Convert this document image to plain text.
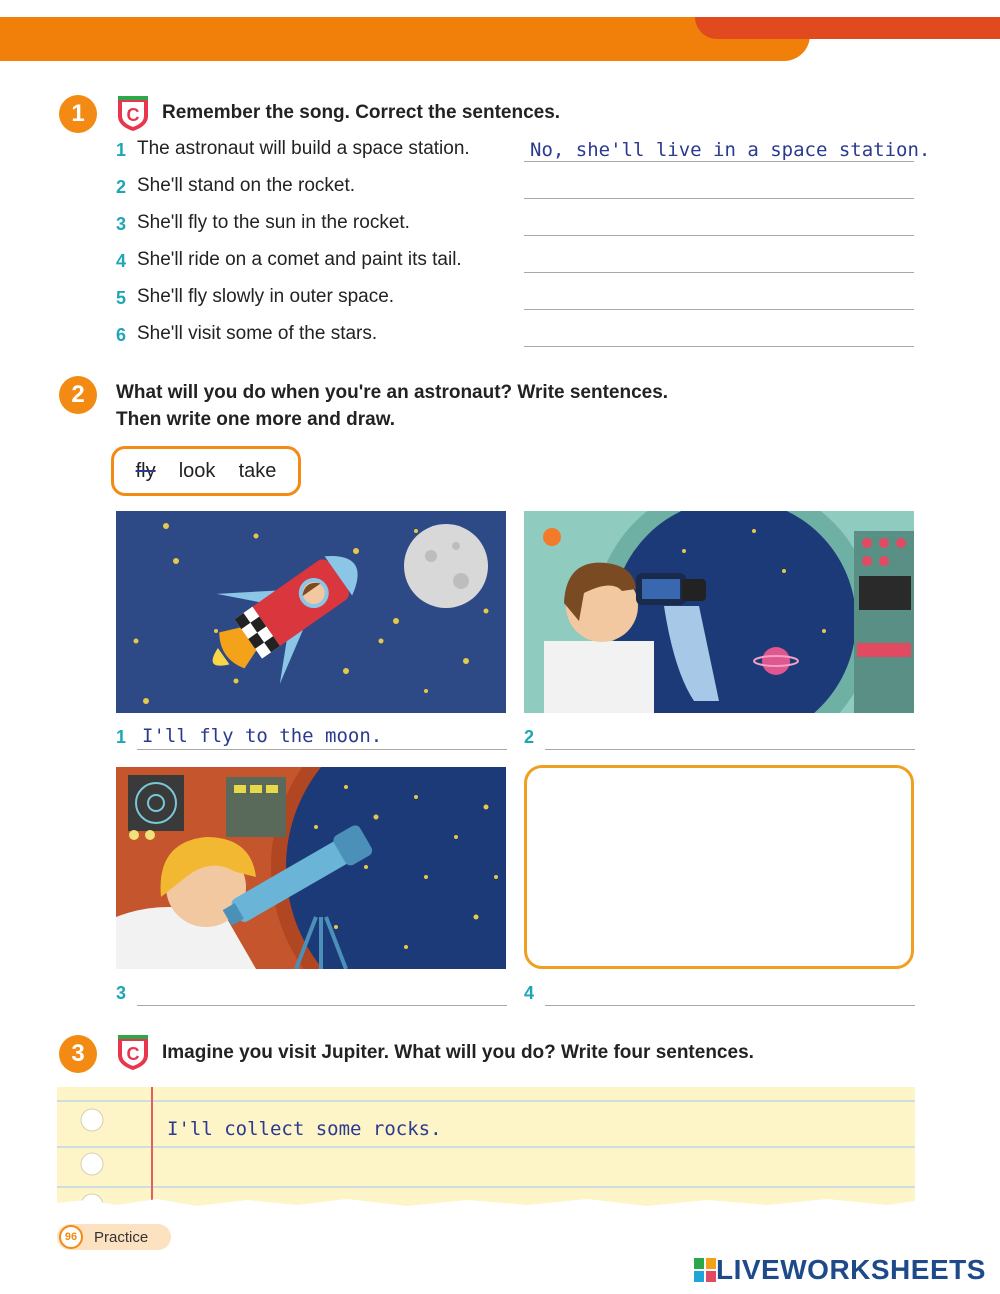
1	C Remember the song. Correct the sentences.
1 The astronaut will build a space station.	No, she'll live in a space station.
2 She'll stand on the rocket.
3 She'll fly to the sun in the rocket.
4 She'll ride on a comet and paint its tail.
5 She'll fly slowly in outer space.
6 She'll visit some of the stars.
2	What will you do when you're an astronaut? Write sentences.
Then write one more and draw.
fly look take
1 I'll fly to the moon.	2
3	4
3	C Imagine you visit Jupiter. What will you do? Write four sentences.
I'll collect some rocks.
96	Practice
LIVEWORKSHEETS
